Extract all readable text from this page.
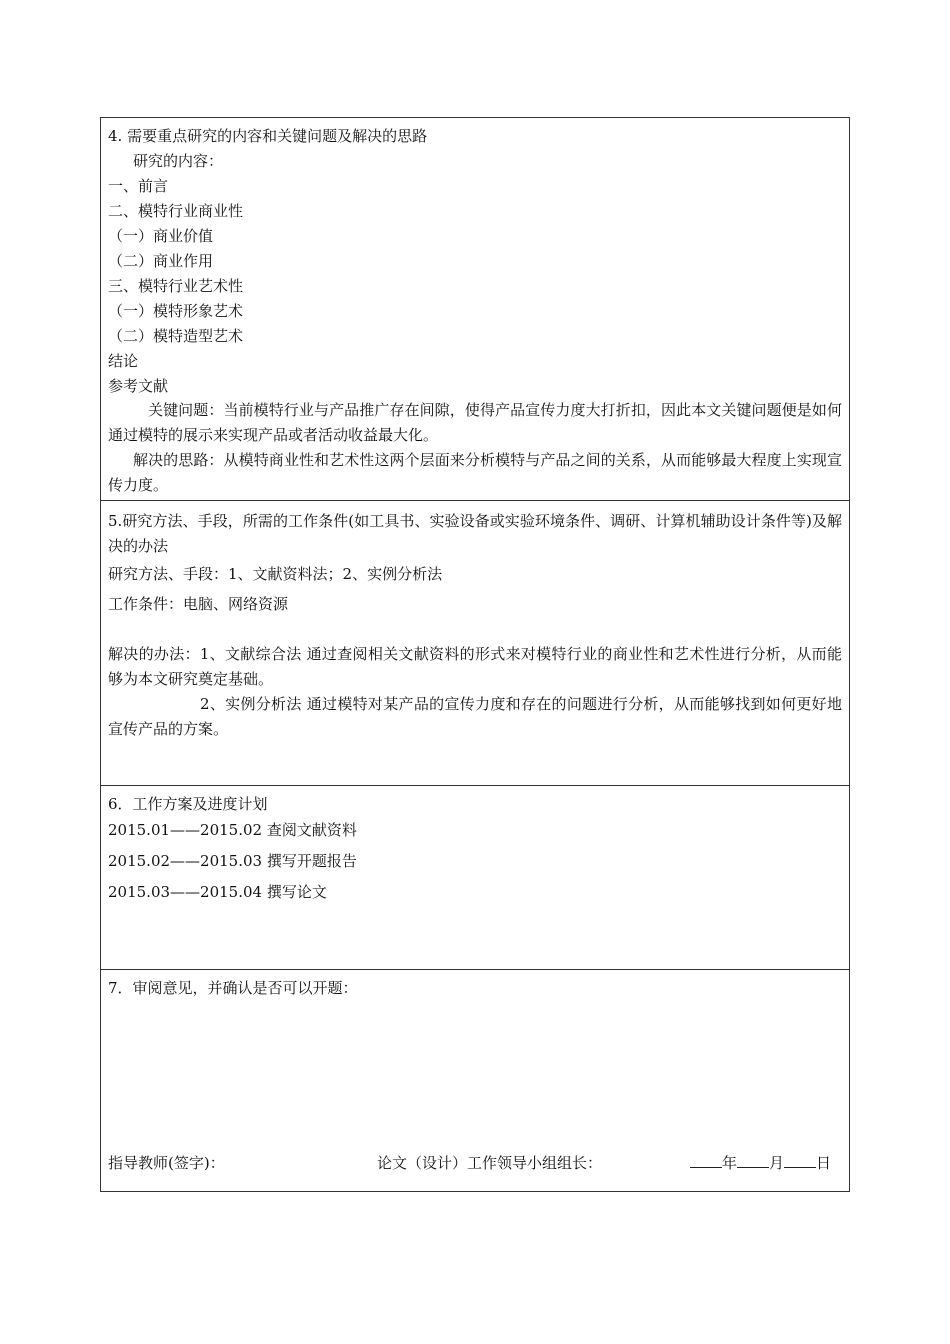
4. 需要重点研究的内容和关键问题及解决的思路
研究的内容：
一、前言
二、模特行业商业性
（一）商业价值
（二）商业作用
三、模特行业艺术性
（一）模特形象艺术
（二）模特造型艺术
结论
参考文献
关键问题：当前模特行业与产品推广存在间隙，使得产品宣传力度大打折扣，因此本文关键问题便是如何通过模特的展示来实现产品或者活动收益最大化。
解决的思路：从模特商业性和艺术性这两个层面来分析模特与产品之间的关系，从而能够最大程度上实现宣传力度。
5.研究方法、手段，所需的工作条件(如工具书、实验设备或实验环境条件、调研、计算机辅助设计条件等)及解决的办法
研究方法、手段：1、文献资料法；2、实例分析法
工作条件：电脑、网络资源
解决的办法：1、文献综合法 通过查阅相关文献资料的形式来对模特行业的商业性和艺术性进行分析，从而能够为本文研究奠定基础。
2、实例分析法 通过模特对某产品的宣传力度和存在的问题进行分析，从而能够找到如何更好地宣传产品的方案。
6．工作方案及进度计划
2015.01——2015.02 查阅文献资料
2015.02——2015.03 撰写开题报告
2015.03——2015.04 撰写论文
7．审阅意见，并确认是否可以开题：
指导教师(签字)：	论文（设计）工作领导小组组长：	年 月 日
